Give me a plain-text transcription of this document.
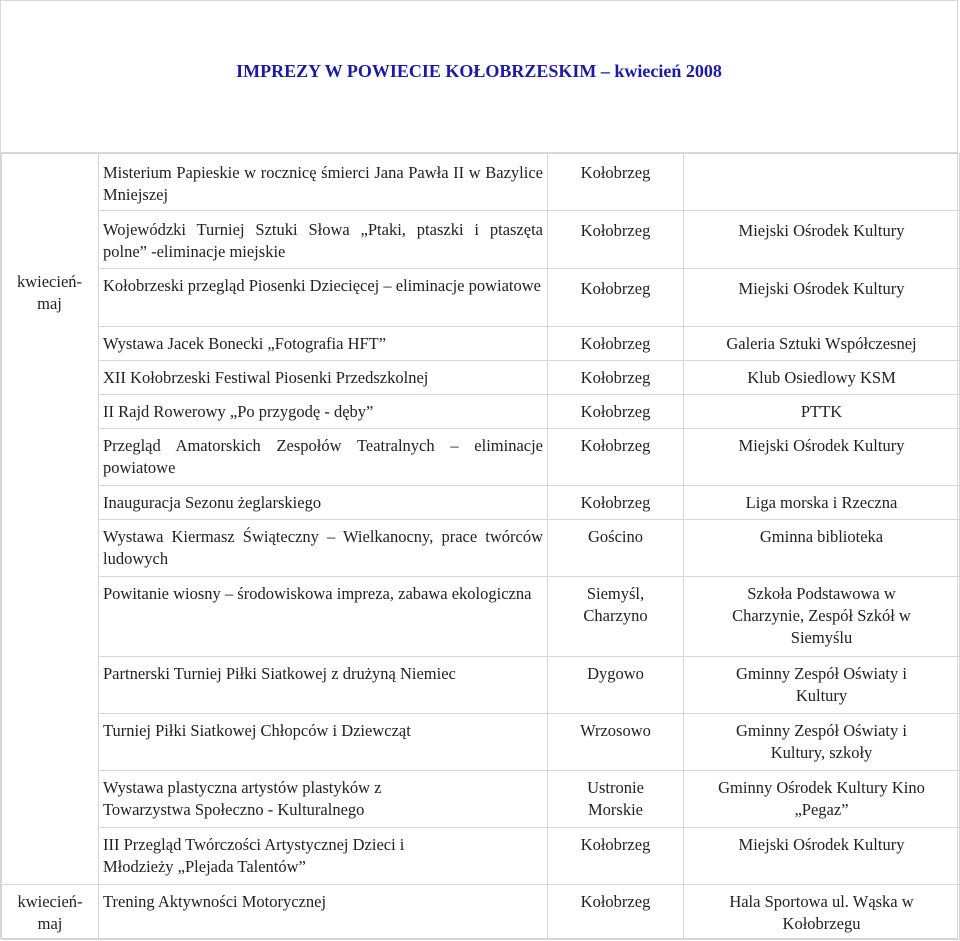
IMPREZY W POWIECIE KOŁOBRZESKIM – kwiecień 2008
	Misterium Papieskie w rocznicę śmierci Jana Pawła II w Bazylice Mniejszej	Kołobrzeg	
	Wojewódzki Turniej Sztuki Słowa „Ptaki, ptaszki i ptaszęta polne” -eliminacje miejskie	Kołobrzeg	Miejski Ośrodek Kultury
	Kołobrzeski przegląd Piosenki Dziecięcej – eliminacje powiatowe	Kołobrzeg	Miejski Ośrodek Kultury
	Wystawa Jacek Bonecki „Fotografia HFT”	Kołobrzeg	Galeria Sztuki Współczesnej
	XII Kołobrzeski Festiwal Piosenki Przedszkolnej	Kołobrzeg	Klub Osiedlowy KSM
	II Rajd Rowerowy „Po przygodę - dęby”	Kołobrzeg	PTTK
	Przegląd Amatorskich Zespołów Teatralnych – eliminacje powiatowe	Kołobrzeg	Miejski Ośrodek Kultury
	Inauguracja Sezonu żeglarskiego	Kołobrzeg	Liga morska i Rzeczna
	Wystawa Kiermasz Świąteczny – Wielkanocny, prace twórców ludowych	Gościno	Gminna biblioteka
	Powitanie wiosny – środowiskowa impreza, zabawa ekologiczna	Siemyśl, Charzyno	Szkoła Podstawowa w Charzynie, Zespół Szkół w Siemyślu
	Partnerski Turniej Piłki Siatkowej z drużyną Niemiec	Dygowo	Gminny Zespół Oświaty i Kultury
	Turniej Piłki Siatkowej Chłopców i Dziewcząt	Wrzosowo	Gminny Zespół Oświaty i Kultury, szkoły
	Wystawa plastyczna artystów plastyków z Towarzystwa Społeczno - Kulturalnego	Ustronie Morskie	Gminny Ośrodek Kultury Kino „Pegaz”
	III Przegląd Twórczości Artystycznej Dzieci i Młodzieży „Plejada Talentów”	Kołobrzeg	Miejski Ośrodek Kultury
kwiecień-maj	Trening Aktywności Motorycznej	Kołobrzeg	Hala Sportowa ul. Wąska w Kołobrzegu
kwiecień-maj
